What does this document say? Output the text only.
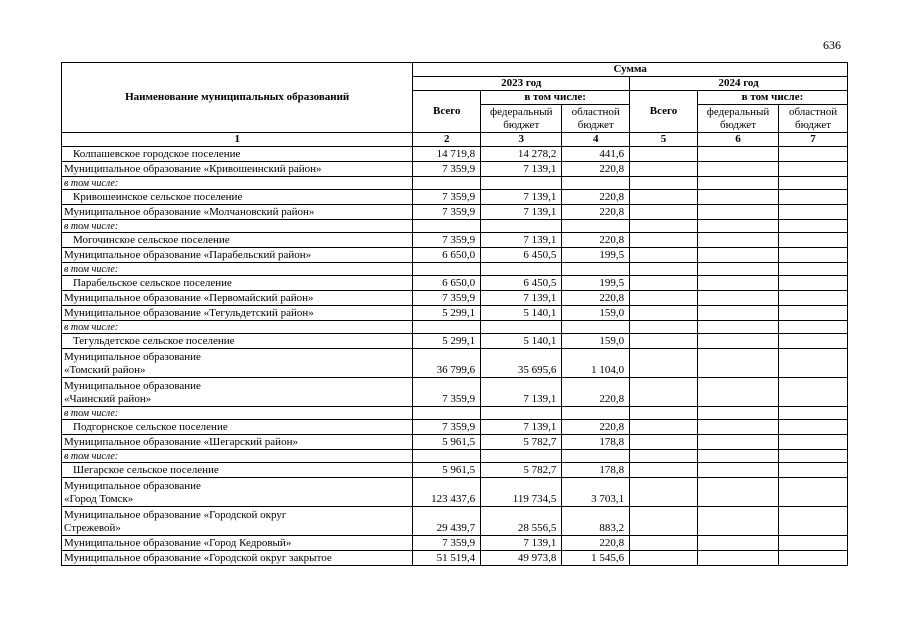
636
Наименование муниципальных образований	Сумма					
	2023 год			2024 год		
	Всего	в том числе:		Всего	в том числе:	
		федеральный бюджет	областной бюджет		федеральный бюджет	областной бюджет
1	2	3	4	5	6	7
Колпашевское городское поселение	14 719,8	14 278,2	441,6			
Муниципальное образование «Кривошеинский район»	7 359,9	7 139,1	220,8			
в том числе:						
Кривошеинское сельское поселение	7 359,9	7 139,1	220,8			
Муниципальное образование «Молчановский район»	7 359,9	7 139,1	220,8			
в том числе:						
Могочинское сельское поселение	7 359,9	7 139,1	220,8			
Муниципальное образование «Парабельский район»	6 650,0	6 450,5	199,5			
в том числе:						
Парабельское сельское поселение	6 650,0	6 450,5	199,5			
Муниципальное образование «Первомайский район»	7 359,9	7 139,1	220,8			
Муниципальное образование «Тегульдетский район»	5 299,1	5 140,1	159,0			
в том числе:						
Тегульдетское сельское поселение	5 299,1	5 140,1	159,0			
Муниципальное образование
«Томский район»	36 799,6	35 695,6	1 104,0			
Муниципальное образование
«Чаинский район»	7 359,9	7 139,1	220,8			
в том числе:						
Подгорнское сельское поселение	7 359,9	7 139,1	220,8			
Муниципальное образование «Шегарский район»	5 961,5	5 782,7	178,8			
в том числе:						
Шегарское сельское поселение	5 961,5	5 782,7	178,8			
Муниципальное образование
«Город Томск»	123 437,6	119 734,5	3 703,1			
Муниципальное образование «Городской округ
Стрежевой»	29 439,7	28 556,5	883,2			
Муниципальное образование «Город Кедровый»	7 359,9	7 139,1	220,8			
Муниципальное образование «Городской округ закрытое	51 519,4	49 973,8	1 545,6			
